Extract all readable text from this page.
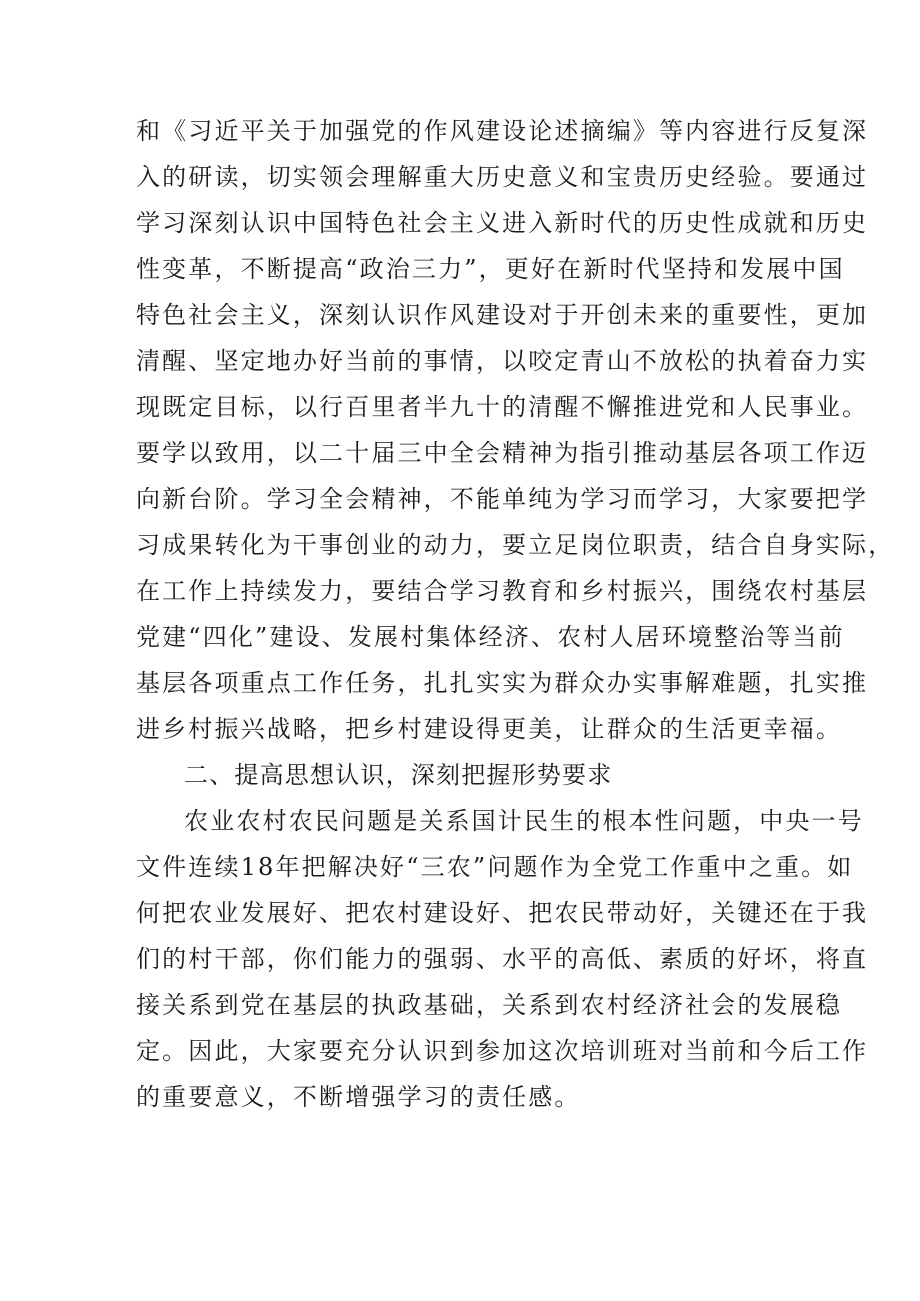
和《习近平关于加强党的作风建设论述摘编》等内容进行反复深
入的研读，切实领会理解重大历史意义和宝贵历史经验。要通过
学习深刻认识中国特色社会主义进入新时代的历史性成就和历史
性变革，不断提高“政治三力”，更好在新时代坚持和发展中国
特色社会主义，深刻认识作风建设对于开创未来的重要性，更加
清醒、坚定地办好当前的事情，以咬定青山不放松的执着奋力实
现既定目标，以行百里者半九十的清醒不懈推进党和人民事业。
要学以致用，以二十届三中全会精神为指引推动基层各项工作迈
向新台阶。学习全会精神，不能单纯为学习而学习，大家要把学
习成果转化为干事创业的动力，要立足岗位职责，结合自身实际，
在工作上持续发力，要结合学习教育和乡村振兴，围绕农村基层
党建“四化”建设、发展村集体经济、农村人居环境整治等当前
基层各项重点工作任务，扎扎实实为群众办实事解难题，扎实推
进乡村振兴战略，把乡村建设得更美，让群众的生活更幸福。
二、提高思想认识，深刻把握形势要求
农业农村农民问题是关系国计民生的根本性问题，中央一号
文件连续18年把解决好“三农”问题作为全党工作重中之重。如
何把农业发展好、把农村建设好、把农民带动好，关键还在于我
们的村干部，你们能力的强弱、水平的高低、素质的好坏，将直
接关系到党在基层的执政基础，关系到农村经济社会的发展稳
定。因此，大家要充分认识到参加这次培训班对当前和今后工作
的重要意义，不断增强学习的责任感。
